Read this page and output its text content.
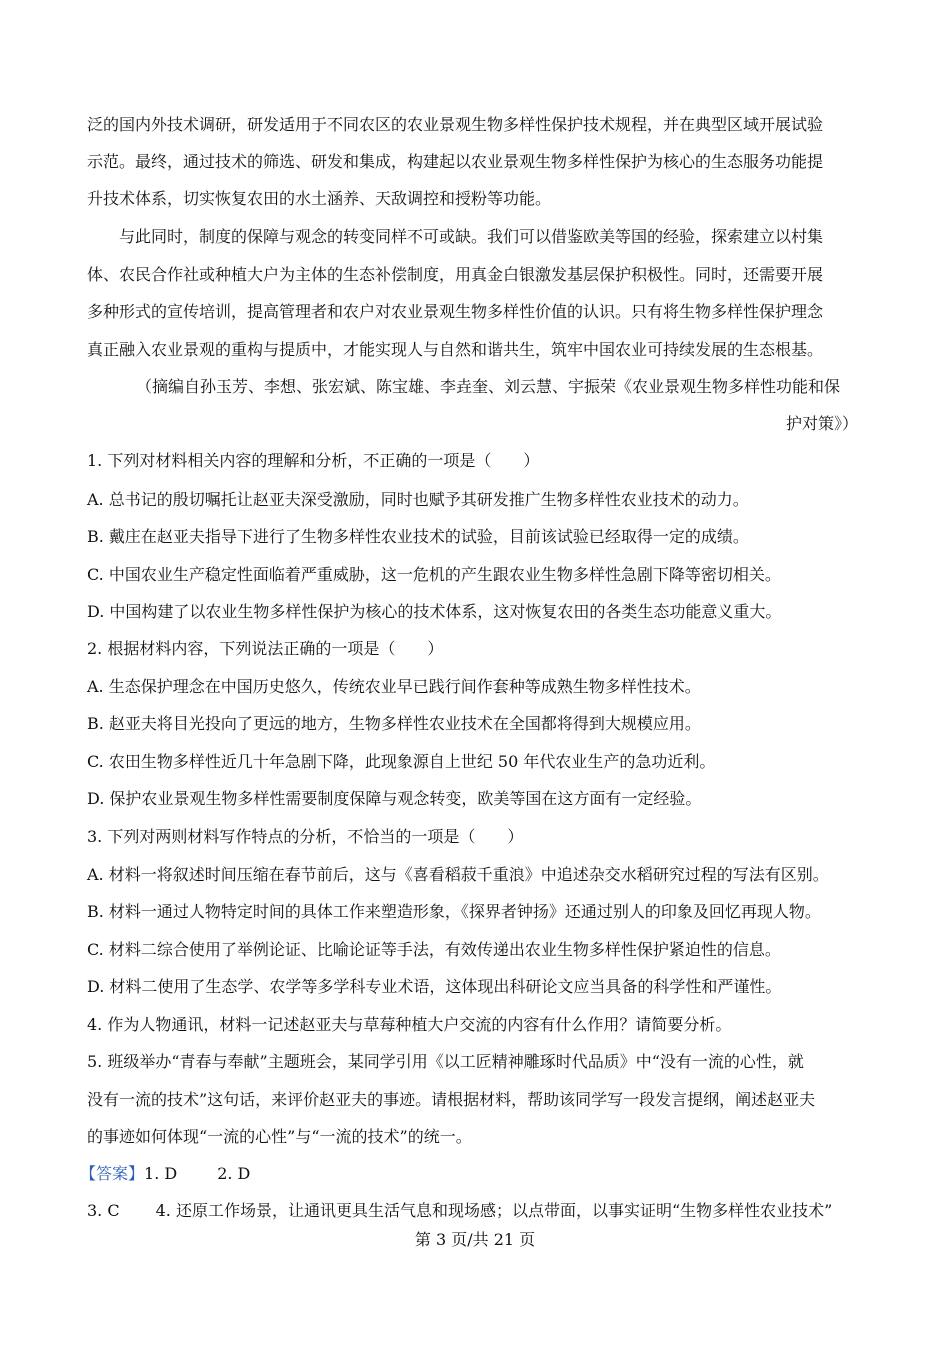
泛的国内外技术调研，研发适用于不同农区的农业景观生物多样性保护技术规程，并在典型区域开展试验
示范。最终，通过技术的筛选、研发和集成，构建起以农业景观生物多样性保护为核心的生态服务功能提
升技术体系，切实恢复农田的水土涵养、天敌调控和授粉等功能。
　　与此同时，制度的保障与观念的转变同样不可或缺。我们可以借鉴欧美等国的经验，探索建立以村集
体、农民合作社或种植大户为主体的生态补偿制度，用真金白银激发基层保护积极性。同时，还需要开展
多种形式的宣传培训，提高管理者和农户对农业景观生物多样性价值的认识。只有将生物多样性保护理念
真正融入农业景观的重构与提质中，才能实现人与自然和谐共生，筑牢中国农业可持续发展的生态根基。
（摘编自孙玉芳、李想、张宏斌、陈宝雄、李垚奎、刘云慧、宇振荣《农业景观生物多样性功能和保
护对策》）
1. 下列对材料相关内容的理解和分析，不正确的一项是（　　）
A. 总书记的殷切嘱托让赵亚夫深受激励，同时也赋予其研发推广生物多样性农业技术的动力。
B. 戴庄在赵亚夫指导下进行了生物多样性农业技术的试验，目前该试验已经取得一定的成绩。
C. 中国农业生产稳定性面临着严重威胁，这一危机的产生跟农业生物多样性急剧下降等密切相关。
D. 中国构建了以农业生物多样性保护为核心的技术体系，这对恢复农田的各类生态功能意义重大。
2. 根据材料内容，下列说法正确的一项是（　　）
A. 生态保护理念在中国历史悠久，传统农业早已践行间作套种等成熟生物多样性技术。
B. 赵亚夫将目光投向了更远的地方，生物多样性农业技术在全国都将得到大规模应用。
C. 农田生物多样性近几十年急剧下降，此现象源自上世纪 50 年代农业生产的急功近利。
D. 保护农业景观生物多样性需要制度保障与观念转变，欧美等国在这方面有一定经验。
3. 下列对两则材料写作特点的分析，不恰当的一项是（　　）
A. 材料一将叙述时间压缩在春节前后，这与《喜看稻菽千重浪》中追述杂交水稻研究过程的写法有区别。
B. 材料一通过人物特定时间的具体工作来塑造形象，《探界者钟扬》还通过别人的印象及回忆再现人物。
C. 材料二综合使用了举例论证、比喻论证等手法，有效传递出农业生物多样性保护紧迫性的信息。
D. 材料二使用了生态学、农学等多学科专业术语，这体现出科研论文应当具备的科学性和严谨性。
4. 作为人物通讯，材料一记述赵亚夫与草莓种植大户交流的内容有什么作用？请简要分析。
5. 班级举办“青春与奉献”主题班会，某同学引用《以工匠精神雕琢时代品质》中“没有一流的心性，就
没有一流的技术”这句话，来评价赵亚夫的事迹。请根据材料，帮助该同学写一段发言提纲，阐述赵亚夫
的事迹如何体现“一流的心性”与“一流的技术”的统一。
【答案】1. D	2. D
3. C 4. 还原工作场景，让通讯更具生活气息和现场感；以点带面，以事实证明“生物多样性农业技术”
第 3 页/共 21 页
